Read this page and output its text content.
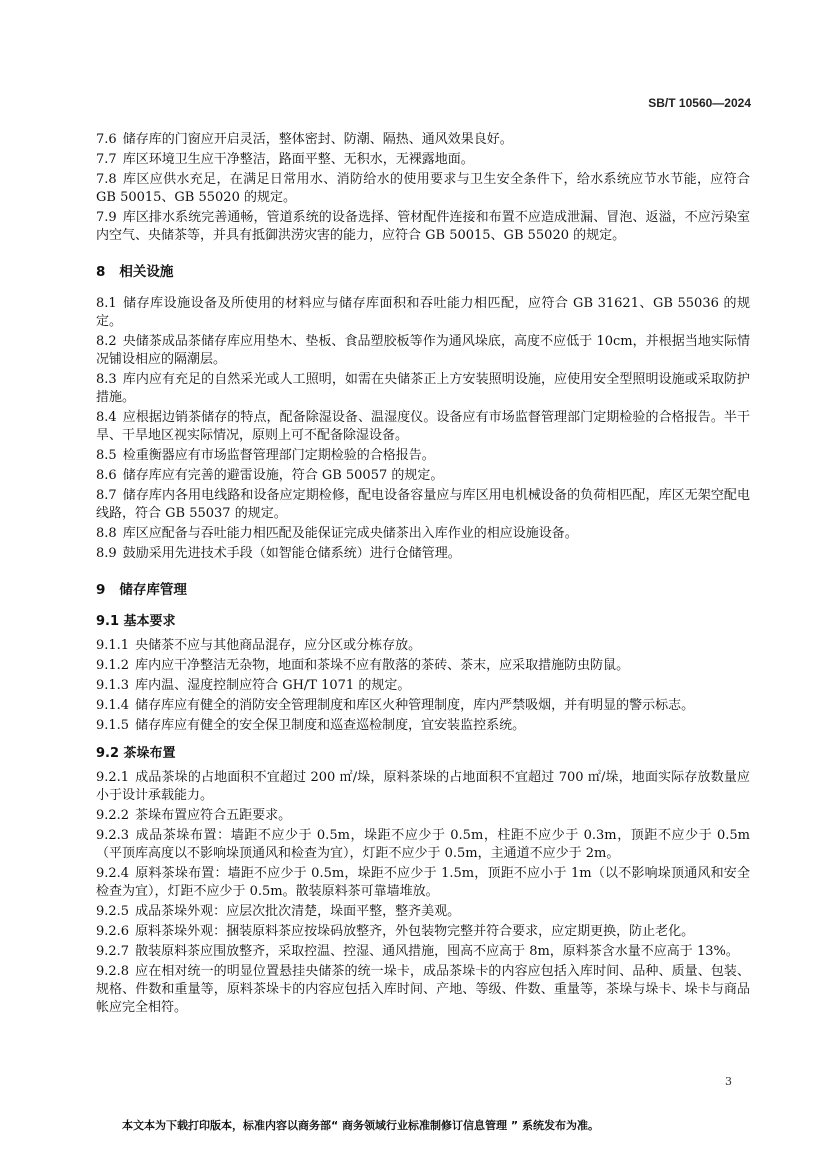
SB/T 10560—2024
7.6 储存库的门窗应开启灵活，整体密封、防潮、隔热、通风效果良好。
7.7 库区环境卫生应干净整洁，路面平整、无积水，无裸露地面。
7.8 库区应供水充足，在满足日常用水、消防给水的使用要求与卫生安全条件下，给水系统应节水节能，应符合 GB 50015、GB 55020 的规定。
7.9 库区排水系统完善通畅，管道系统的设备选择、管材配件连接和布置不应造成泄漏、冒泡、返溢，不应污染室内空气、央储茶等，并具有抵御洪涝灾害的能力，应符合 GB 50015、GB 55020 的规定。
8 相关设施
8.1 储存库设施设备及所使用的材料应与储存库面积和吞吐能力相匹配，应符合 GB 31621、GB 55036 的规定。
8.2 央储茶成品茶储存库应用垫木、垫板、食品塑胶板等作为通风垛底，高度不应低于 10cm，并根据当地实际情况铺设相应的隔潮层。
8.3 库内应有充足的自然采光或人工照明，如需在央储茶正上方安装照明设施，应使用安全型照明设施或采取防护措施。
8.4 应根据边销茶储存的特点，配备除湿设备、温湿度仪。设备应有市场监督管理部门定期检验的合格报告。半干旱、干旱地区视实际情况，原则上可不配备除湿设备。
8.5 检重衡器应有市场监督管理部门定期检验的合格报告。
8.6 储存库应有完善的避雷设施，符合 GB 50057 的规定。
8.7 储存库内各用电线路和设备应定期检修，配电设备容量应与库区用电机械设备的负荷相匹配，库区无架空配电线路，符合 GB 55037 的规定。
8.8 库区应配备与吞吐能力相匹配及能保证完成央储茶出入库作业的相应设施设备。
8.9 鼓励采用先进技术手段（如智能仓储系统）进行仓储管理。
9 储存库管理
9.1 基本要求
9.1.1 央储茶不应与其他商品混存，应分区或分栋存放。
9.1.2 库内应干净整洁无杂物，地面和茶垛不应有散落的茶砖、茶末，应采取措施防虫防鼠。
9.1.3 库内温、湿度控制应符合 GH/T 1071 的规定。
9.1.4 储存库应有健全的消防安全管理制度和库区火种管理制度，库内严禁吸烟，并有明显的警示标志。
9.1.5 储存库应有健全的安全保卫制度和巡查巡检制度，宜安装监控系统。
9.2 茶垛布置
9.2.1 成品茶垛的占地面积不宜超过 200 ㎡/垛，原料茶垛的占地面积不宜超过 700 ㎡/垛，地面实际存放数量应小于设计承载能力。
9.2.2 茶垛布置应符合五距要求。
9.2.3 成品茶垛布置：墙距不应少于 0.5m，垛距不应少于 0.5m，柱距不应少于 0.3m，顶距不应少于 0.5m（平顶库高度以不影响垛顶通风和检查为宜），灯距不应少于 0.5m，主通道不应少于 2m。
9.2.4 原料茶垛布置：墙距不应少于 0.5m，垛距不应少于 1.5m，顶距不应小于 1m（以不影响垛顶通风和安全检查为宜），灯距不应少于 0.5m。散装原料茶可靠墙堆放。
9.2.5 成品茶垛外观：应层次批次清楚，垛面平整，整齐美观。
9.2.6 原料茶垛外观：捆装原料茶应按垛码放整齐，外包装物完整并符合要求，应定期更换，防止老化。
9.2.7 散装原料茶应围放整齐，采取控温、控湿、通风措施，囤高不应高于 8m，原料茶含水量不应高于 13%。
9.2.8 应在相对统一的明显位置悬挂央储茶的统一垛卡，成品茶垛卡的内容应包括入库时间、品种、质量、包装、规格、件数和重量等，原料茶垛卡的内容应包括入库时间、产地、等级、件数、重量等，茶垛与垛卡、垛卡与商品帐应完全相符。
3
本文本为下载打印版本，标准内容以商务部“ 商务领域行业标准制修订信息管理 ” 系统发布为准。
